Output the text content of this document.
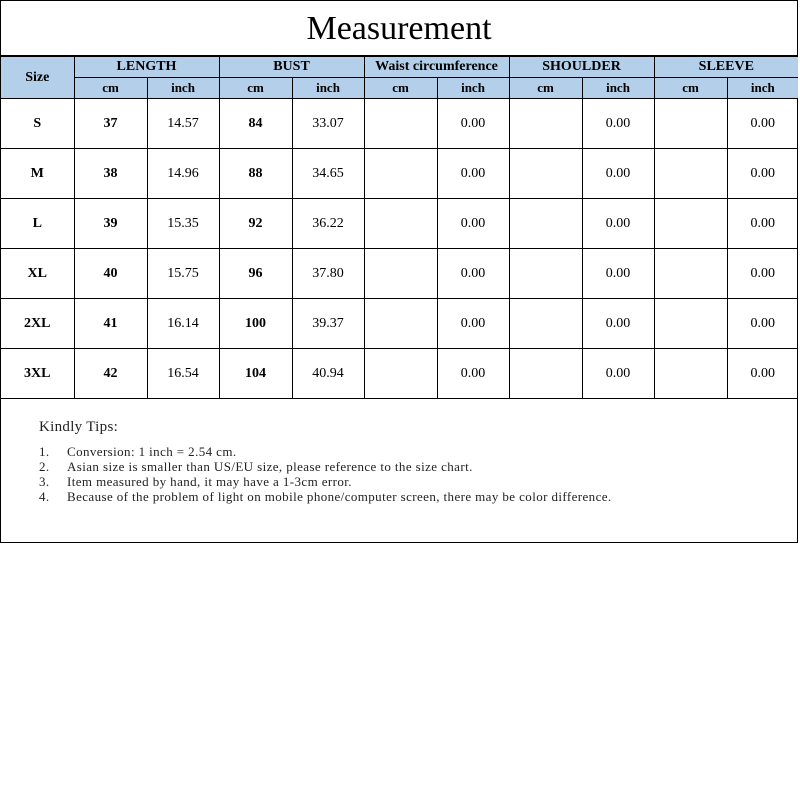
Measurement
Size	LENGTH		BUST		Waist circumference		SHOULDER		SLEEVE	
	cm	inch	cm	inch	cm	inch	cm	inch	cm	inch
S	37	14.57	84	33.07		0.00		0.00		0.00
M	38	14.96	88	34.65		0.00		0.00		0.00
L	39	15.35	92	36.22		0.00		0.00		0.00
XL	40	15.75	96	37.80		0.00		0.00		0.00
2XL	41	16.14	100	39.37		0.00		0.00		0.00
3XL	42	16.54	104	40.94		0.00		0.00		0.00
Kindly Tips:
1. Conversion: 1 inch = 2.54 cm.
2. Asian size is smaller than US/EU size, please reference to the size chart.
3. Item measured by hand, it may have a 1-3cm error.
4. Because of the problem of light on mobile phone/computer screen, there may be color difference.
